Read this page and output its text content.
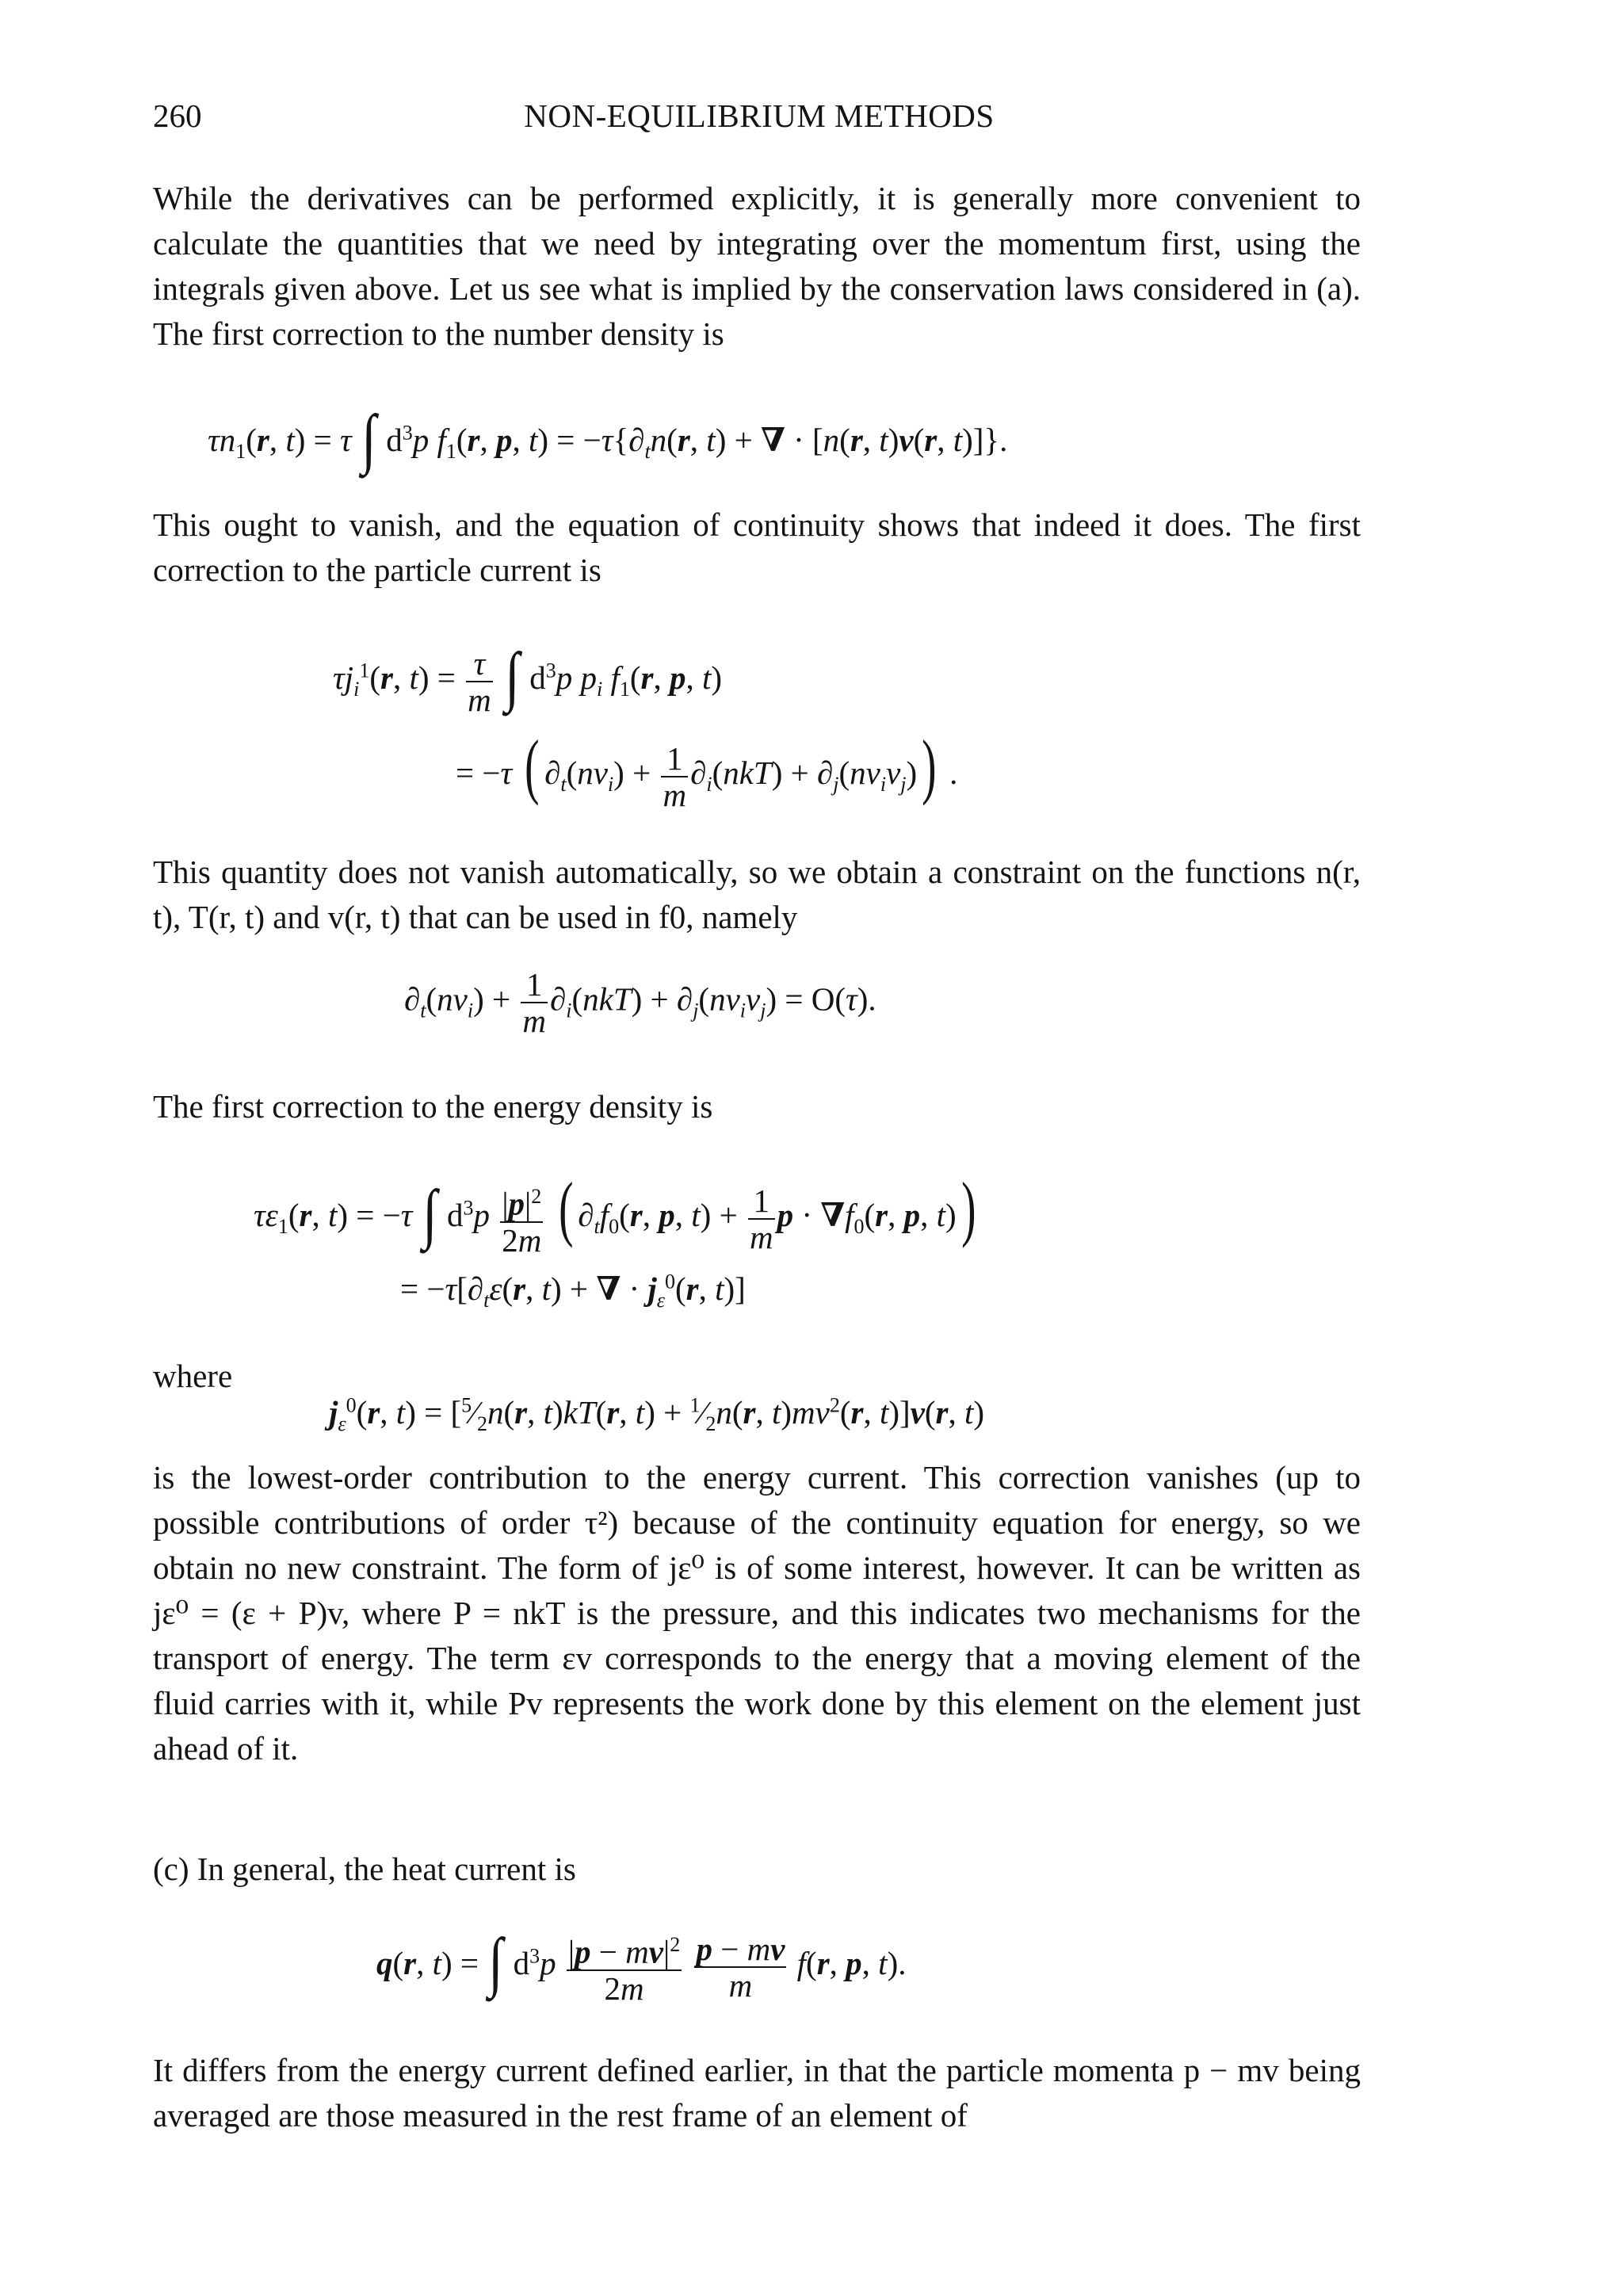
260	NON-EQUILIBRIUM METHODS
While the derivatives can be performed explicitly, it is generally more convenient to calculate the quantities that we need by integrating over the momentum first, using the integrals given above. Let us see what is implied by the conservation laws considered in (a). The first correction to the number density is
$\tau n_1(r$, t) = τ ∫ $d^3p$ $f_1(r$, p, $t) = -\tau\{\partial_tn(r$, t) + ∇ · [n(r, t)v(r, t)]}.
This ought to vanish, and the equation of continuity shows that indeed it does. The first correction to the particle current is
$\tau j_i^1(r$, $t) = \frac{\tau}{m}$ ∫ $d^3p$ $p_i$ $f_1(r$, p, t)
= −τ ( $\partial_t(nv_i) + \frac{1}{m} \partial_i(nkT) + \partial_j(nv_iv_j)$) .
This quantity does not vanish automatically, so we obtain a constraint on the functions n(r, t), T(r, t) and v(r, t) that can be used in f0, namely
$\partial_t(nv_i) + \frac{1}{m} \partial_i(nkT) + \partial_j(nv_iv_j) = O(\tau)$.
The first correction to the energy density is
$\tau\varepsilon_1(r$, t) = −τ ∫ $d^3p \frac{|p|^2}{2m}$ ( $\partial_tf_0(r$, p, $t) + \frac{1}{m}$ $p \cdot \nabla f_0(r$, p, t))
= $-\tau[\partial_t\varepsilon(r$, t) + ∇ · $j_\varepsilon^0(r$, t)]
where
$j_\varepsilon^0(r$, $t) = [^5⁄_2n(r$, t)kT(r, $t) + ^1⁄_2n(r$, $t)mv^2(r$, t)]v(r, t)
is the lowest-order contribution to the energy current. This correction vanishes (up to possible contributions of order τ²) because of the continuity equation for energy, so we obtain no new constraint. The form of jε⁰ is of some interest, however. It can be written as jε⁰ = (ε + P)v, where P = nkT is the pressure, and this indicates two mechanisms for the transport of energy. The term εv corresponds to the energy that a moving element of the fluid carries with it, while Pv represents the work done by this element on the element just ahead of it.
(c) In general, the heat current is
q(r, t) = ∫ $d^3p \frac{|p - mv|^2}{2m}$
$\frac{p - mv}{m} f(r$, p, t).
It differs from the energy current defined earlier, in that the particle momenta p − mv being averaged are those measured in the rest frame of an element of
